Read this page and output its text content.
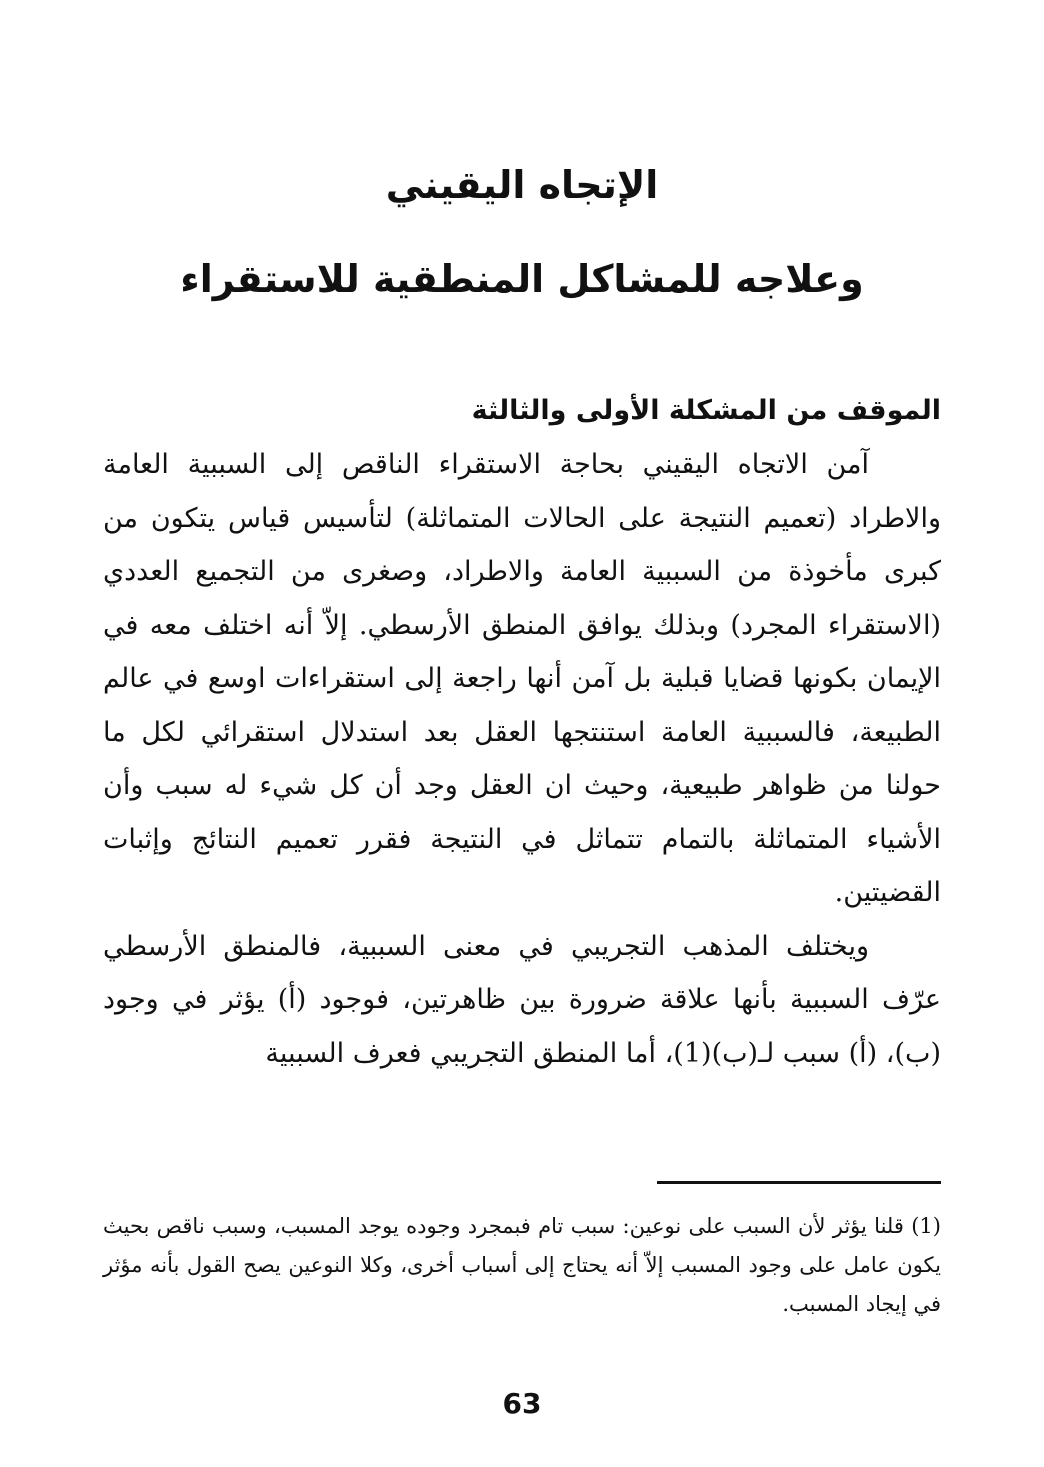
الإتجاه اليقيني

وعلاجه للمشاكل المنطقية للاستقراء

الموقف من المشكلة الأولى والثالثة

آمن الاتجاه اليقيني بحاجة الاستقراء الناقص إلى السببية العامة والاطراد (تعميم النتيجة على الحالات المتماثلة) لتأسيس قياس يتكون من كبرى مأخوذة من السببية العامة والاطراد، وصغرى من التجميع العددي (الاستقراء المجرد) وبذلك يوافق المنطق الأرسطي. إلاّ أنه اختلف معه في الإيمان بكونها قضايا قبلية بل آمن أنها راجعة إلى استقراءات اوسع في عالم الطبيعة، فالسببية العامة استنتجها العقل بعد استدلال استقرائي لكل ما حولنا من ظواهر طبيعية، وحيث ان العقل وجد أن كل شيء له سبب وأن الأشياء المتماثلة بالتمام تتماثل في النتيجة فقرر تعميم النتائج وإثبات القضيتين.

ويختلف المذهب التجريبي في معنى السببية، فالمنطق الأرسطي عرّف السببية بأنها علاقة ضرورة بين ظاهرتين، فوجود (أ) يؤثر في وجود (ب)، (أ) سبب لـ(ب)(1)، أما المنطق التجريبي فعرف السببية

(1) قلنا يؤثر لأن السبب على نوعين: سبب تام فبمجرد وجوده يوجد المسبب، وسبب ناقص بحيث يكون عامل على وجود المسبب إلاّ أنه يحتاج إلى أسباب أخرى، وكلا النوعين يصح القول بأنه مؤثر في إيجاد المسبب.

63
